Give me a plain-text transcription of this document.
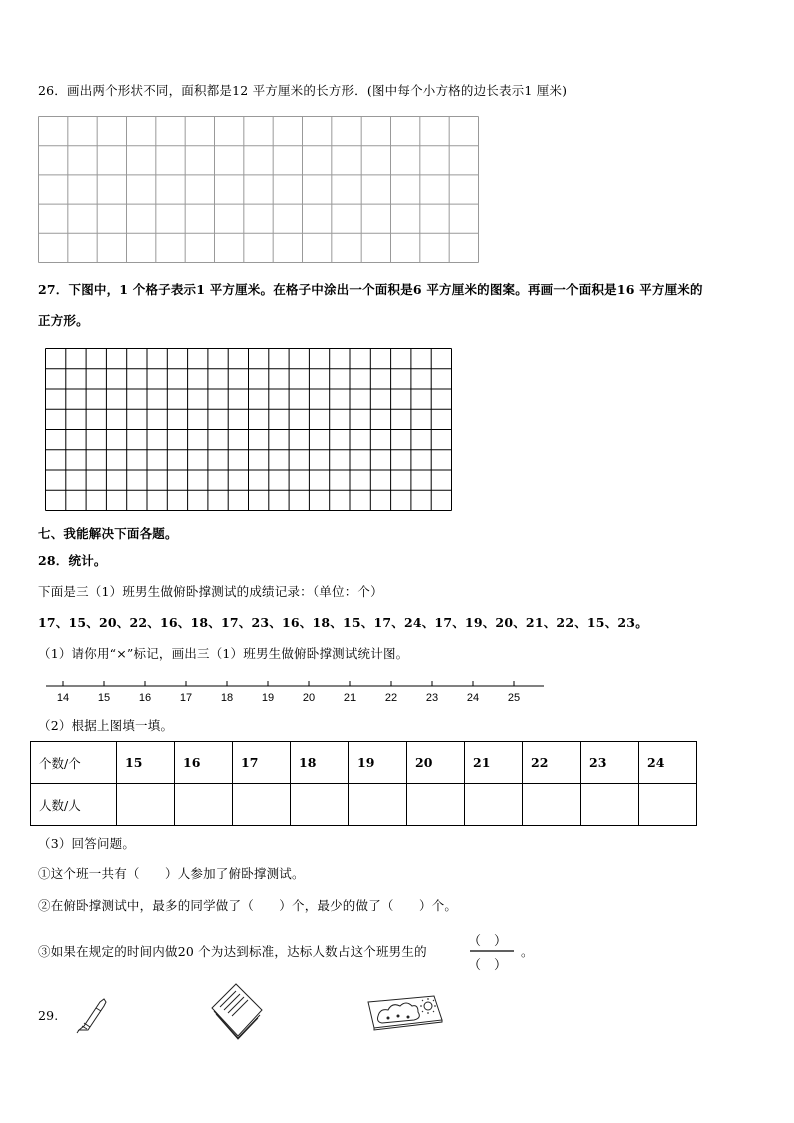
26．画出两个形状不同，面积都是12 平方厘米的长方形．(图中每个小方格的边长表示1 厘米)
27．下图中，1 个格子表示1 平方厘米。在格子中涂出一个面积是6 平方厘米的图案。再画一个面积是16 平方厘米的
正方形。
七、我能解决下面各题。
28．统计。
下面是三（1）班男生做俯卧撑测试的成绩记录：（单位：个）
17、15、20、22、16、18、17、23、16、18、15、17、24、17、19、20、21、22、15、23。
（1）请你用“×”标记，画出三（1）班男生做俯卧撑测试统计图。
14	15	16	17	18	19	20	21	22	23	24	25
（2）根据上图填一填。
个数/个	15	16	17	18	19	20	21	22	23	24
人数/人										
（3）回答问题。
①这个班一共有（　　）人参加了俯卧撑测试。
②在俯卧撑测试中，最多的同学做了（　　）个，最少的做了（　　）个。
③如果在规定的时间内做20 个为达到标准，达标人数占这个班男生的
（　）
（　）
。
29.
